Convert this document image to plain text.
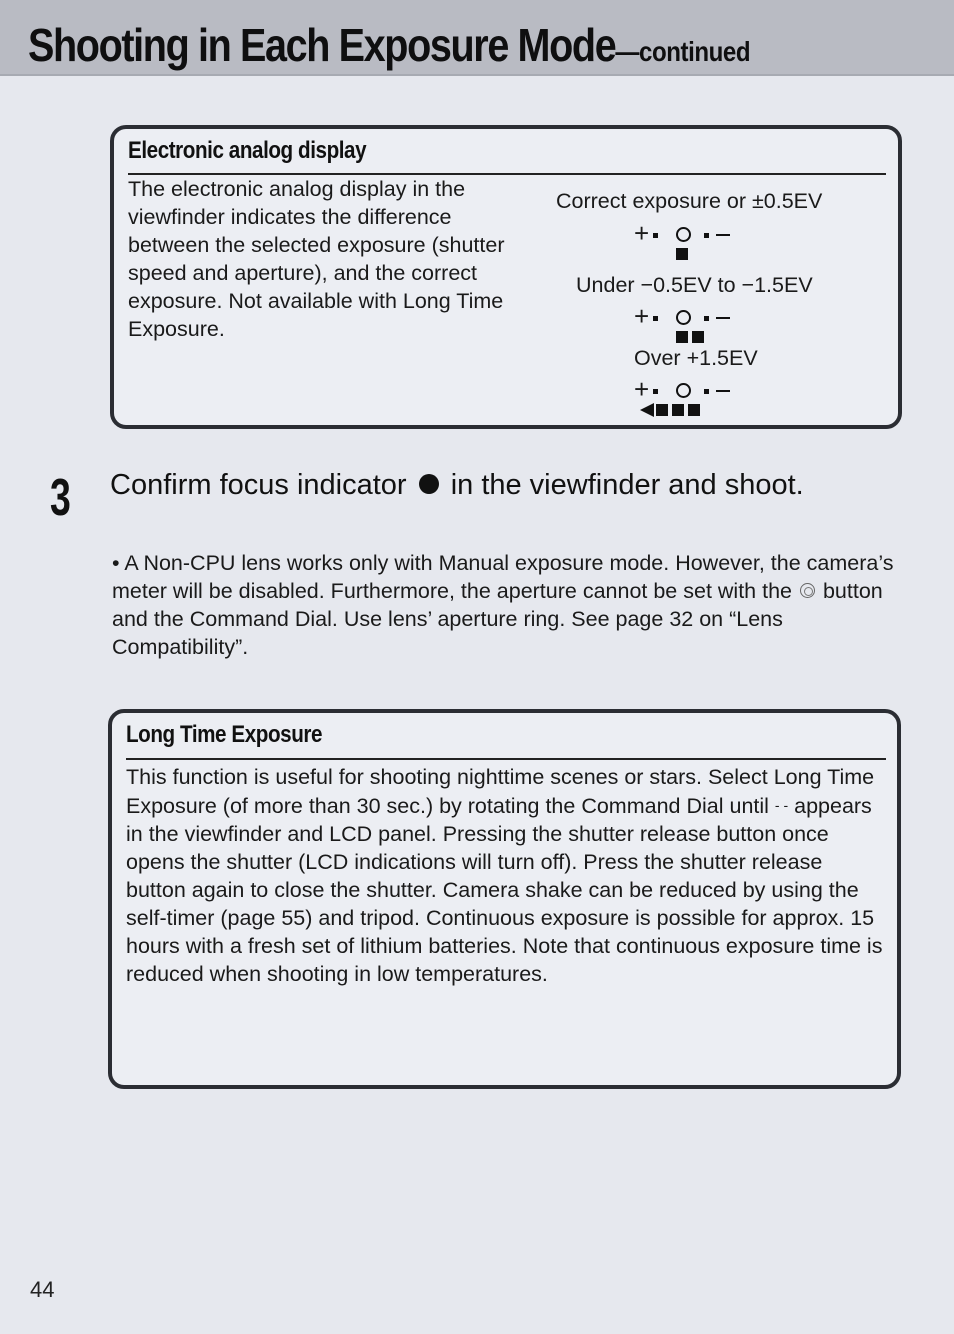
Shooting in Each Exposure Mode—continued
Electronic analog display

The electronic analog display in the viewfinder indicates the difference between the selected exposure (shutter speed and aperture), and the correct exposure. Not available with Long Time Exposure.

Correct exposure or ±0.5EV
+
Under −0.5EV to −1.5EV
+
Over +1.5EV
+
3 Confirm focus indicator in the viewfinder and shoot.

• A Non-CPU lens works only with Manual exposure mode. However, the camera’s meter will be disabled. Furthermore, the aperture cannot be set with the button and the Command Dial. Use lens’ aperture ring. See page 32 on “Lens Compatibility”.

Long Time Exposure

This function is useful for shooting nighttime scenes or stars. Select Long Time Exposure (of more than 30 sec.) by rotating the Command Dial until - - appears in the viewfinder and LCD panel. Pressing the shutter release button once opens the shutter (LCD indications will turn off). Press the shutter release button again to close the shutter. Camera shake can be reduced by using the self-timer (page 55) and tripod. Continuous exposure is possible for approx. 15 hours with a fresh set of lithium batteries. Note that continuous exposure time is reduced when shooting in low temperatures.

44
